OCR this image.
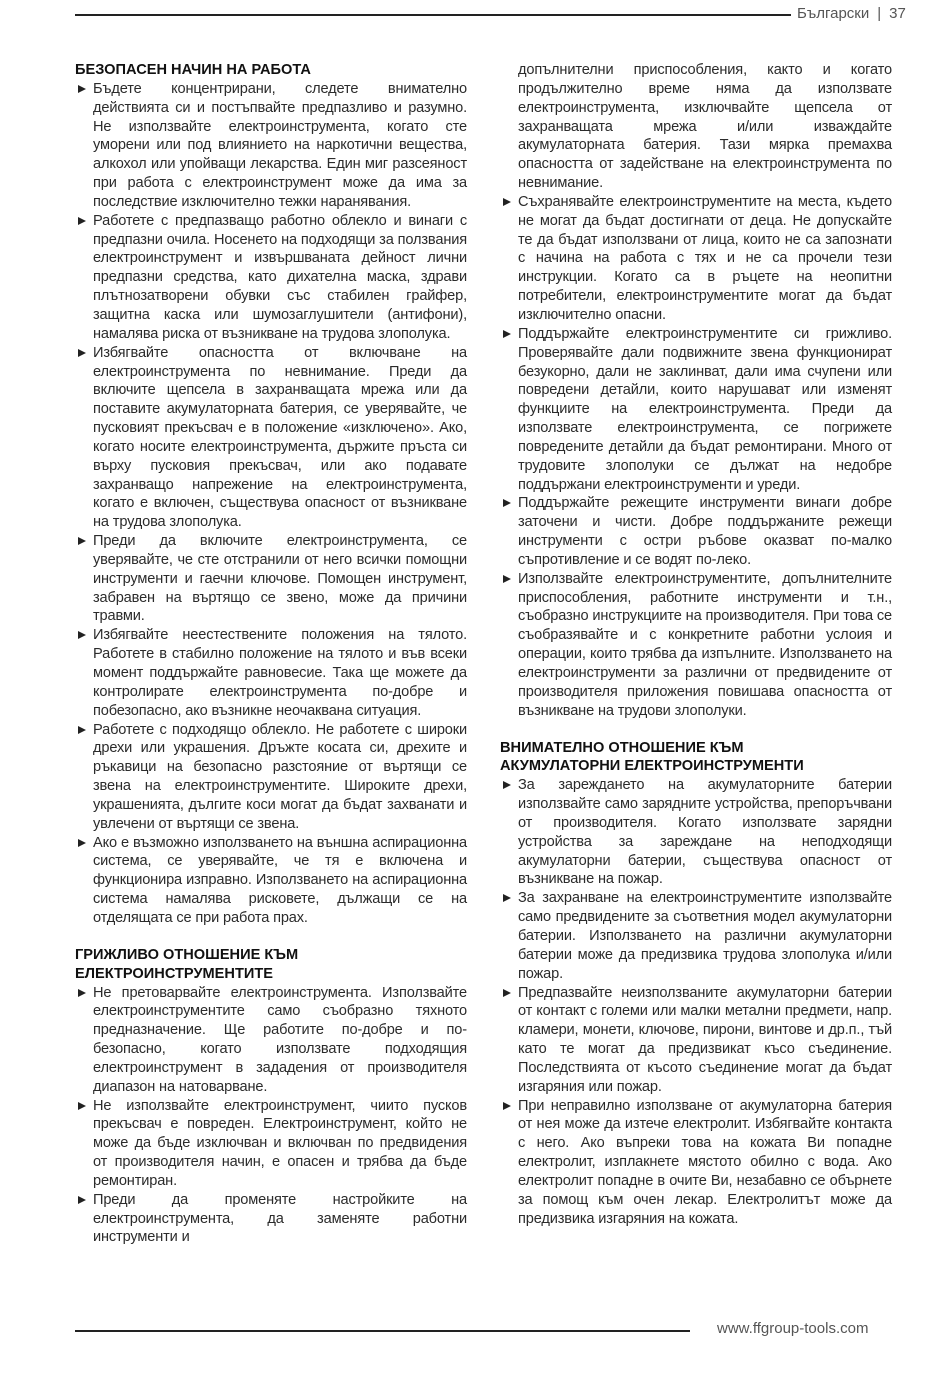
Български | 37
БЕЗОПАСЕН НАЧИН НА РАБОТА
Бъдете концентрирани, следете внимателно действията си и постъпвайте предпазливо и разумно. Не използвайте електроинструмента, когато сте уморени или под влиянието на наркотични вещества, алкохол или упойващи лекарства. Един миг разсеяност при работа с електроинструмент може да има за последствие изключително тежки наранявания.
Работете с предпазващо работно облекло и винаги с предпазни очила. Носенето на подходящи за ползвания електроинструмент и извършваната дейност лични предпазни средства, като дихателна маска, здрави плътнозатворени обувки със стабилен грайфер, защитна каска или шумозаглушители (антифони), намалява риска от възникване на трудова злополука.
Избягвайте опасността от включване на електроинструмента по невнимание. Преди да включите щепсела в захранващата мрежа или да поставите акумулаторната батерия, се уверявайте, че пусковият прекъсвач е в положение «изключено». Ако, когато носите електроинструмента, държите пръста си върху пусковия прекъсвач, или ако подавате захранващо напрежение на електроинструмента, когато е включен, съществува опасност от възникване на трудова злополука.
Преди да включите електроинструмента, се уверявайте, че сте отстранили от него всички помощни инструменти и гаечни ключове. Помощен инструмент, забравен на въртящо се звено, може да причини травми.
Избягвайте неестествените положения на тялото. Работете в стабилно положение на тялото и във всеки момент поддържайте равновесие. Така ще можете да контролирате електроинструмента по-добре и побезопасно, ако възникне неочаквана ситуация.
Работете с подходящо облекло. Не работете с широки дрехи или украшения. Дръжте косата си, дрехите и ръкавици на безопасно разстояние от въртящи се звена на електроинструментите. Широките дрехи, украшенията, дългите коси могат да бъдат захванати и увлечени от въртящи се звена.
Ако е възможно използването на външна аспирационна система, се уверявайте, че тя е включена и функционира изправно. Използването на аспирационна система намалява рисковете, дължащи се на отделящата се при работа прах.
ГРИЖЛИВО ОТНОШЕНИЕ КЪМ ЕЛЕКТРОИНСТРУМЕНТИТЕ
Не претоварвайте електроинструмента. Използвайте електроинструментите само съобразно тяхното предназначение. Ще работите по-добре и по-безопасно, когато използвате подходящия електроинструмент в зададения от производителя диапазон на натоварване.
Не използвайте електроинструмент, чиито пусков прекъсвач е повреден. Електроинструмент, който не може да бъде изключван и включван по предвидения от производителя начин, е опасен и трябва да бъде ремонтиран.
Преди да променяте настройките на електроинструмента, да заменяте работни инструменти и

допълнителни приспособления, както и когато продължително време няма да използвате електроинструмента, изключвайте щепсела от захранващата мрежа и/или изваждайте акумулаторната батерия. Тази мярка премахва опасността от задействане на електроинструмента по невнимание.

Съхранявайте електроинструментите на места, където не могат да бъдат достигнати от деца. Не допускайте те да бъдат използвани от лица, които не са запознати с начина на работа с тях и не са прочели тези инструкции. Когато са в ръцете на неопитни потребители, електроинструментите могат да бъдат изключително опасни.
Поддържайте електроинструментите си грижливо. Проверявайте дали подвижните звена функционират безукорно, дали не заклинват, дали има счупени или повредени детайли, които нарушават или изменят функциите на електроинструмента. Преди да използвате електроинструмента, се погрижете повредените детайли да бъдат ремонтирани. Много от трудовите злополуки се дължат на недобре поддържани електроинструменти и уреди.
Поддържайте режещите инструменти винаги добре заточени и чисти. Добре поддържаните режещи инструменти с остри ръбове оказват по-малко съпротивление и се водят по-леко.
Използвайте електроинструментите, допълнителните приспособления, работните инструменти и т.н., съобразно инструкциите на производителя. При това се съобразявайте и с конкретните работни услоия и операции, които трябва да изпълните. Използването на електроинструменти за различни от предвидените от производителя приложения повишава опасността от възникване на трудови злополуки.
ВНИМАТЕЛНО ОТНОШЕНИЕ КЪМ
АКУМУЛАТОРНИ ЕЛЕКТРОИНСТРУМЕНТИ
За зареждането на акумулаторните батерии използвайте само зарядните устройства, препоръчвани от производителя. Когато използвате зарядни устройства за зареждане на неподходящи акумулаторни батерии, съществува опасност от възникване на пожар.
За захранване на електроинструментите използвайте само предвидените за съответния модел акумулаторни батерии. Използването на различни акумулаторни батерии може да предизвика трудова злополука и/или пожар.
Предпазвайте неизползваните акумулаторни батерии от контакт с големи или малки метални предмети, напр. кламери, монети, ключове, пирони, винтове и др.п., тъй като те могат да предизвикат късо съединение. Последствията от късото съединение могат да бъдат изгаряния или пожар.
При неправилно използване от акумулаторна батерия от нея може да изтече електролит. Избягвайте контакта с него. Ако въпреки това на кожата Ви попадне електролит, изплакнете мястото обилно с вода. Ако електролит попадне в очите Ви, незабавно се обърнете за помощ към очен лекар. Електролитът може да предизвика изгаряния на кожата.
www.ffgroup-tools.com
